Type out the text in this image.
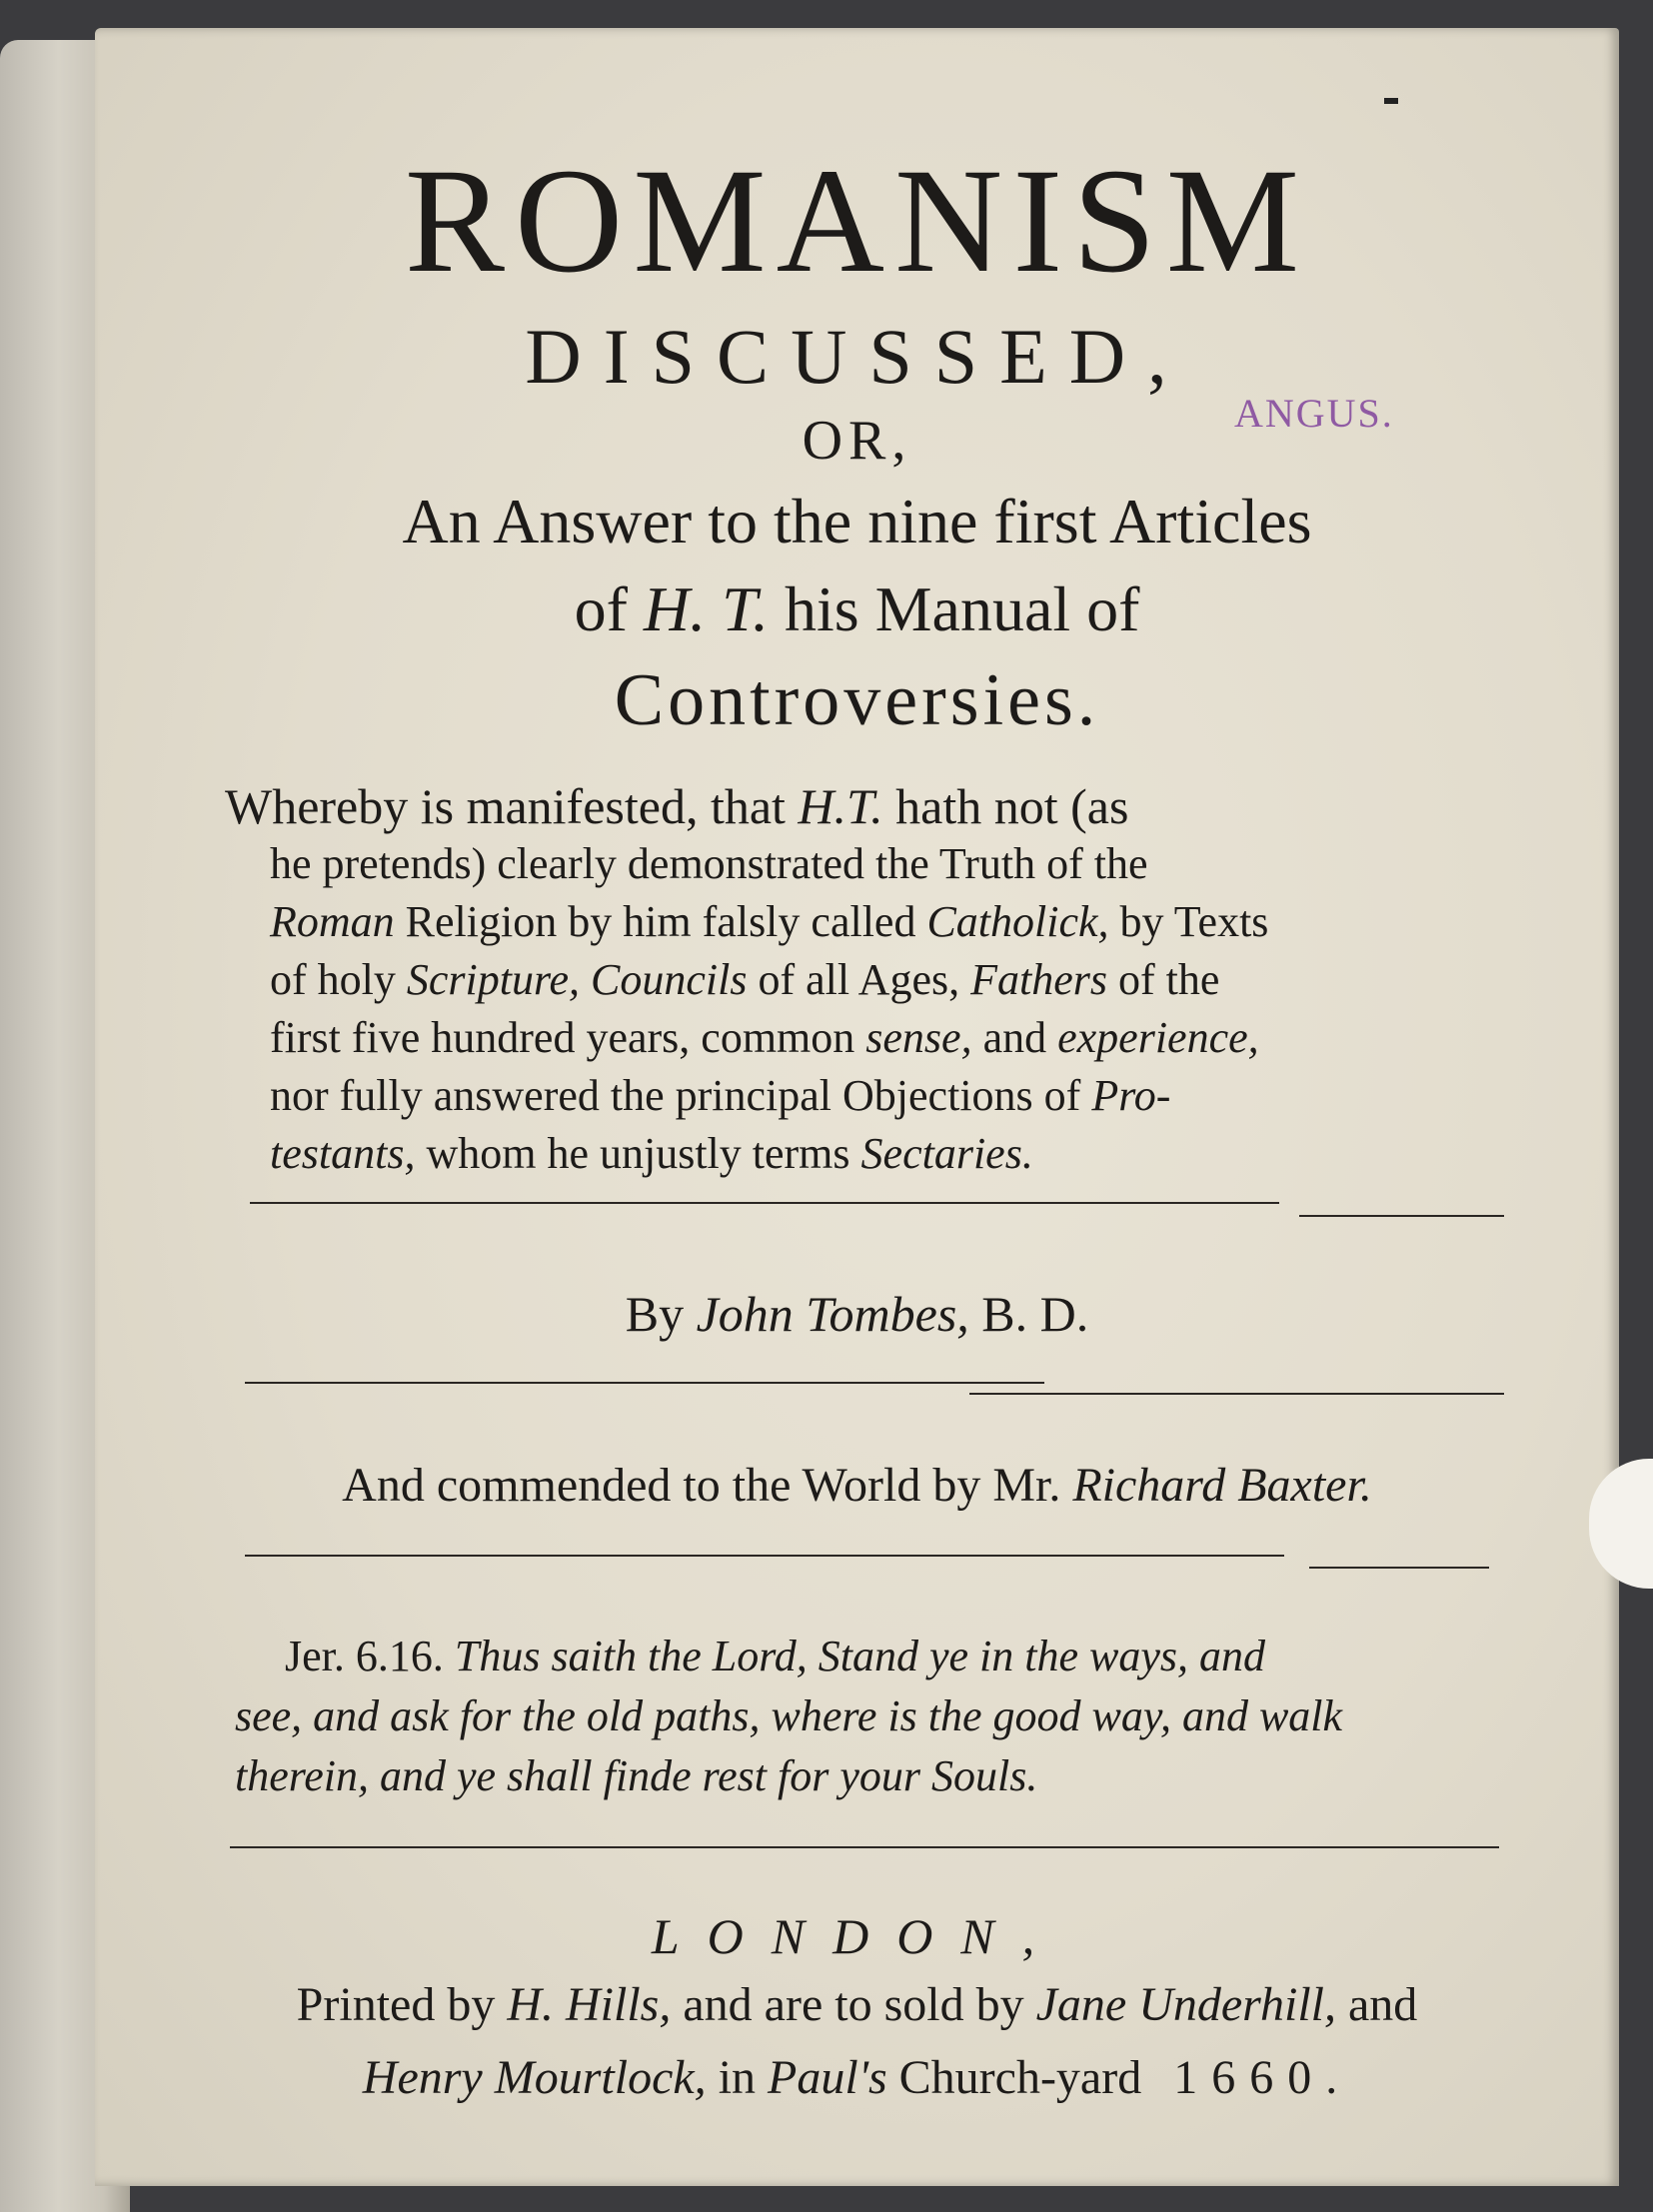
ROMANISM
DISCUSSED,
OR,	ANGUS.
An Answer to the nine first Articles
of H. T. his Manual of
Controversies.

Whereby is manifested, that H.T. hath not (as

he pretends) clearly demonstrated the Truth of the

Roman Religion by him falsly called Catholick, by Texts

of holy Scripture, Councils of all Ages, Fathers of the

first five hundred years, common sense, and experience,

nor fully answered the principal Objections of Pro-

testants, whom he unjustly terms Sectaries.

By John Tombes, B. D.
And commended to the World by Mr. Richard Baxter.
Jer. 6.16. Thus saith the Lord, Stand ye in the ways, and
see, and ask for the old paths, where is the good way, and walk
therein, and ye shall finde rest for your Souls.
LONDON,
Printed by H. Hills, and are to sold by Jane Underhill, and
Henry Mourtlock, in Paul's Church-yard 1660.
